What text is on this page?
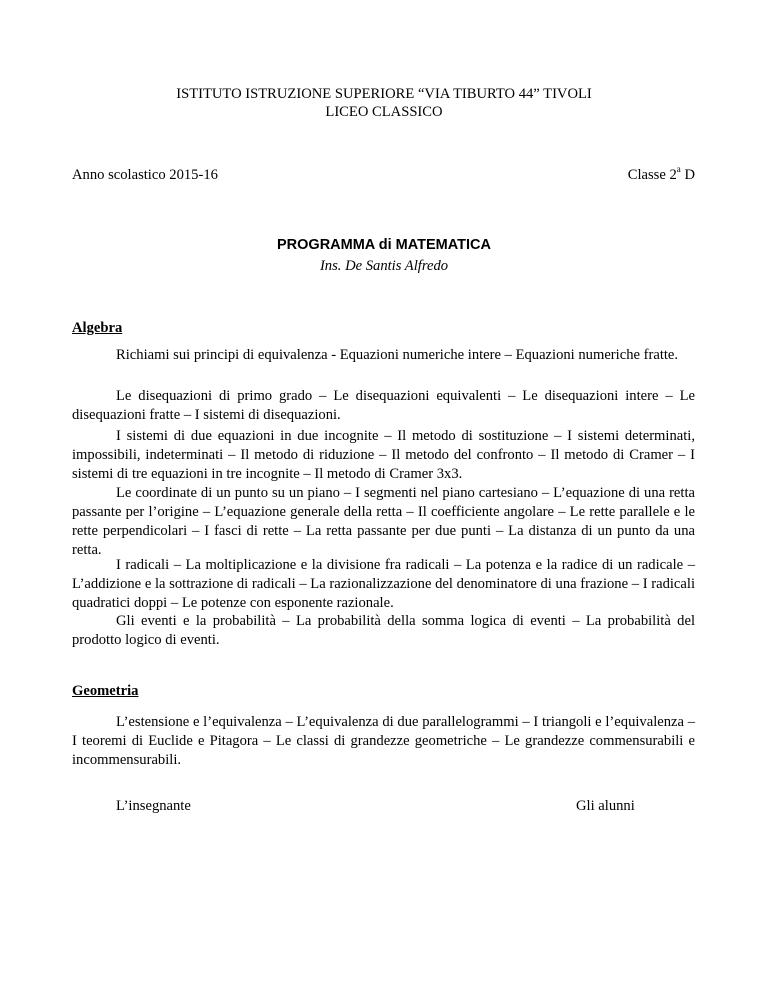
ISTITUTO ISTRUZIONE SUPERIORE “VIA TIBURTO 44” TIVOLI
LICEO CLASSICO
Anno scolastico 2015-16	Classe 2$^a$ D
PROGRAMMA di MATEMATICA
Ins. De Santis Alfredo
Algebra

Richiami sui principi di equivalenza - Equazioni numeriche intere – Equazioni numeriche fratte.

Le disequazioni di primo grado – Le disequazioni equivalenti – Le disequazioni intere – Le disequazioni fratte – I sistemi di disequazioni.

I sistemi di due equazioni in due incognite – Il metodo di sostituzione – I sistemi determinati, impossibili, indeterminati – Il metodo di riduzione – Il metodo del confronto – Il metodo di Cramer – I sistemi di tre equazioni in tre incognite – Il metodo di Cramer 3x3.

Le coordinate di un punto su un piano – I segmenti nel piano cartesiano – L’equazione di una retta passante per l’origine – L’equazione generale della retta – Il coefficiente angolare – Le rette parallele e le rette perpendicolari – I fasci di rette – La retta passante per due punti – La distanza di un punto da una retta.

I radicali – La moltiplicazione e la divisione fra radicali – La potenza e la radice di un radicale – L’addizione e la sottrazione di radicali – La razionalizzazione del denominatore di una frazione – I radicali quadratici doppi – Le potenze con esponente razionale.

Gli eventi e la probabilità – La probabilità della somma logica di eventi – La probabilità del prodotto logico di eventi.

Geometria

L’estensione e l’equivalenza – L’equivalenza di due parallelogrammi – I triangoli e l’equivalenza – I teoremi di Euclide e Pitagora – Le classi di grandezze geometriche – Le grandezze commensurabili e incommensurabili.

L’insegnante	Gli alunni
